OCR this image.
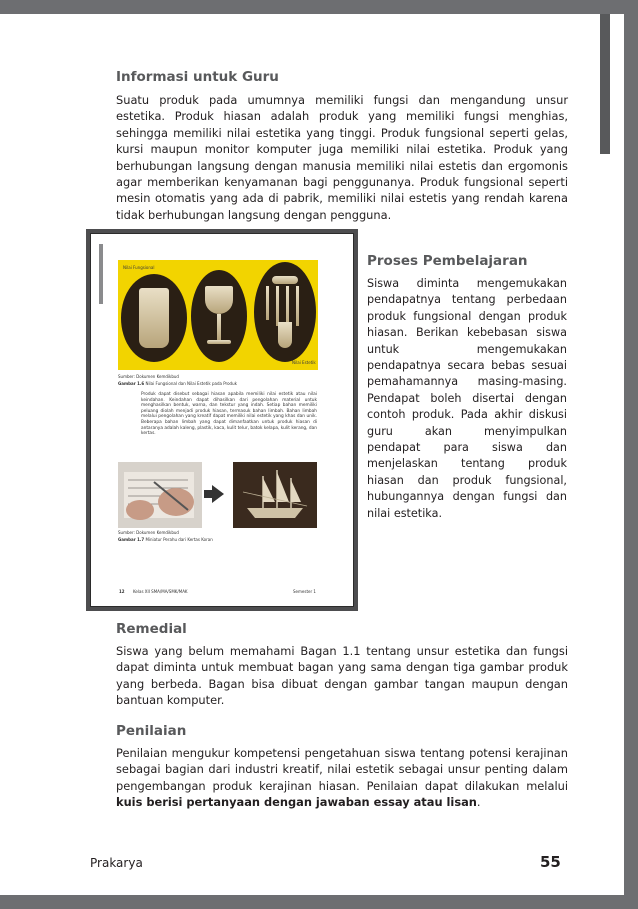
Informasi untuk Guru

Suatu produk pada umumnya memiliki fungsi dan mengandung unsur estetika. Produk hiasan adalah produk yang memiliki fungsi menghias, sehingga memiliki nilai estetika yang tinggi. Produk fungsional seperti gelas, kursi maupun monitor komputer juga memiliki nilai estetika. Produk yang berhubungan langsung dengan manusia memiliki nilai estetis dan ergomonis agar memberikan kenyamanan bagi penggunanya. Produk fungsional seperti mesin otomatis yang ada di pabrik, memiliki nilai estetis yang rendah karena tidak berhubungan langsung dengan pengguna.

Nilai Fungsional
Nilai Estetik
Sumber: Dokumen Kemdikbud
Gambar 1.6 Nilai Fungsional dan Nilai Estetik pada Produk
Produk dapat disebut sebagai hiasan apabila memiliki nilai estetik atau nilai keindahan. Keindahan dapat dihasilkan dari pengolahan material untuk menghasilkan bentuk, warna, dan tekstur yang indah. Setiap bahan memiliki peluang diolah menjadi produk hiasan, termasuk bahan limbah. Bahan limbah melalui pengolahan yang kreatif dapat memiliki nilai estetik yang khas dan unik. Beberapa bahan limbah yang dapat dimanfaatkan untuk produk hiasan di antaranya adalah kaleng, plastik, kaca, kulit telur, batok kelapa, kulit kerang, dan kertas.
Sumber: Dokumen Kemdikbud
Gambar 1.7 Miniatur Perahu dari Kertas Koran
12 Kelas XII SMA/MA/SMK/MAK	Semester 1
Proses Pembelajaran

Siswa diminta mengemukakan pendapatnya tentang perbedaan produk fungsional dengan produk hiasan. Berikan kebebasan siswa untuk mengemukakan pendapatnya secara bebas sesuai pemahamannya masing-masing. Pendapat boleh disertai dengan contoh produk. Pada akhir diskusi guru akan menyimpulkan pendapat para siswa dan menjelaskan tentang produk hiasan dan produk fungsional, hubungannya dengan fungsi dan nilai estetika.

Remedial

Siswa yang belum memahami Bagan 1.1 tentang unsur estetika dan fungsi dapat diminta untuk membuat bagan yang sama dengan tiga gambar produk yang berbeda. Bagan bisa dibuat dengan gambar tangan maupun dengan bantuan komputer.

Penilaian

Penilaian mengukur kompetensi pengetahuan siswa tentang potensi kerajinan sebagai bagian dari industri kreatif, nilai estetik sebagai unsur penting dalam pengembangan produk kerajinan hiasan. Penilaian dapat dilakukan melalui kuis berisi pertanyaan dengan jawaban essay atau lisan.

Prakarya	55
